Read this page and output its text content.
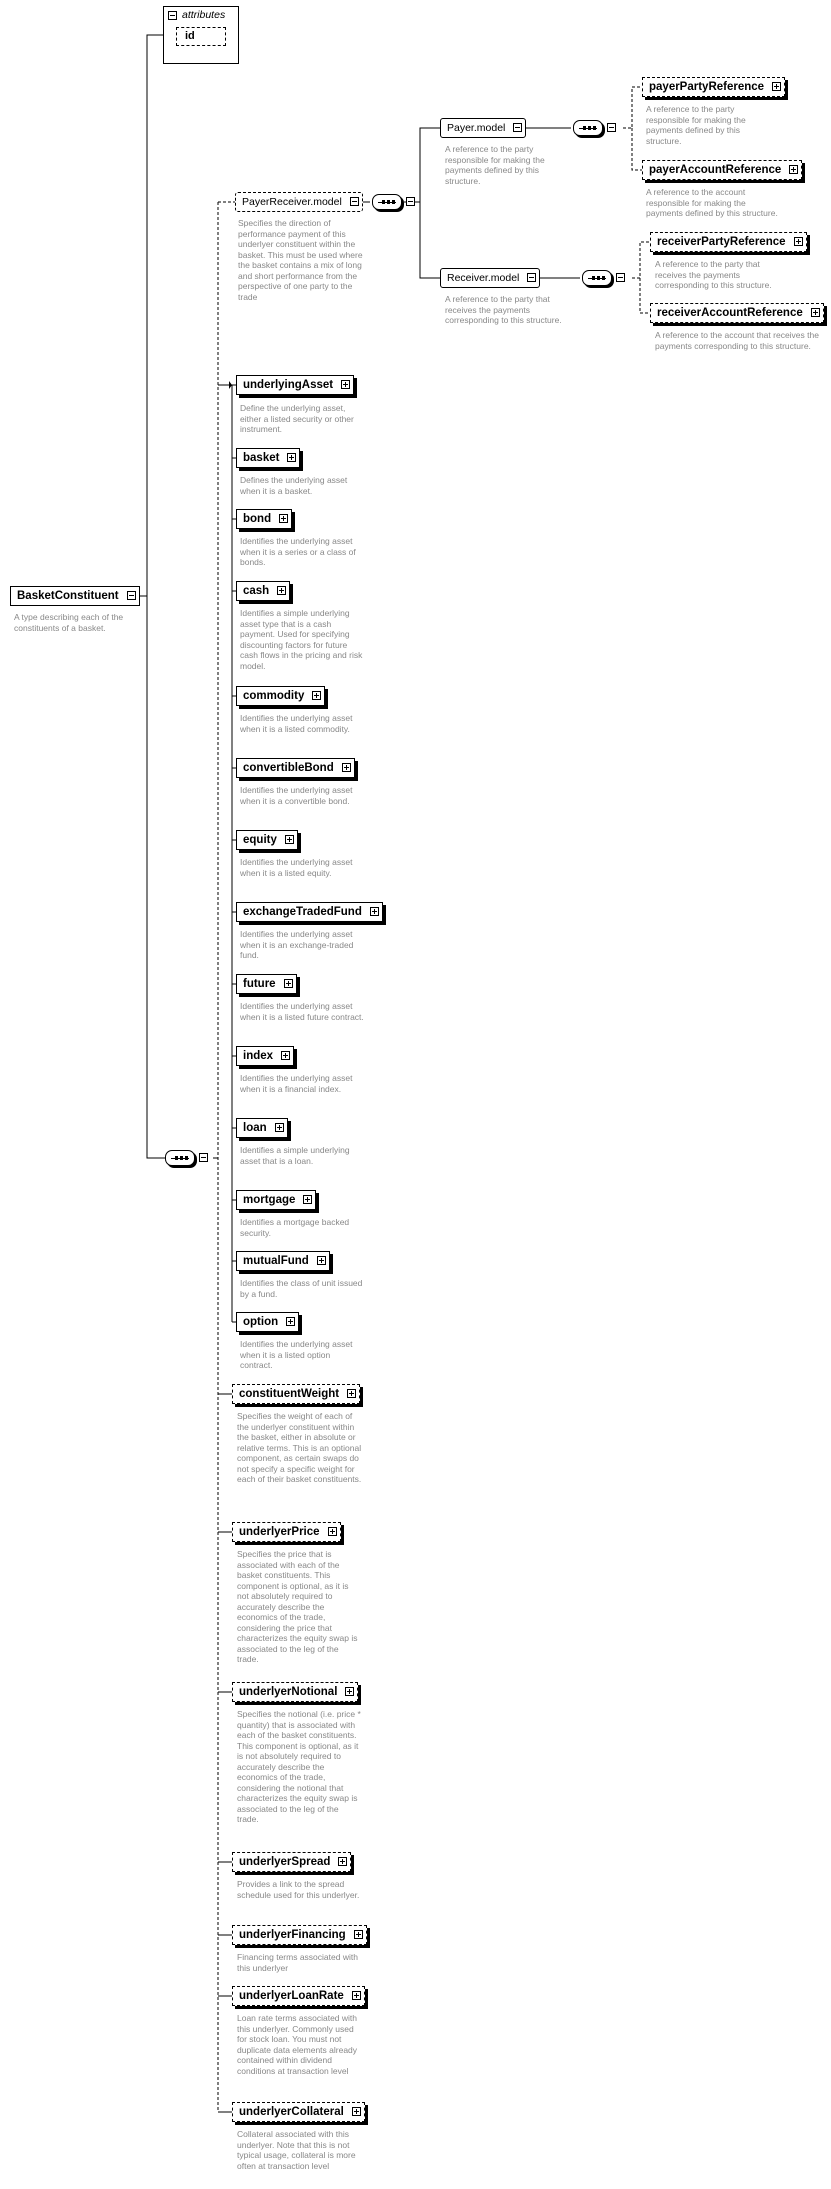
attributes
id
BasketConstituent
A type describing each of the constituents of a basket.
PayerReceiver.model
Specifies the direction of performance payment of this underlyer constituent within the basket. This must be used where the basket contains a mix of long and short performance from the perspective of one party to the trade
Payer.model
A reference to the party responsible for making the payments defined by this structure.
payerPartyReference
A reference to the party responsible for making the payments defined by this structure.
payerAccountReference
A reference to the account responsible for making the payments defined by this structure.
Receiver.model
A reference to the party that receives the payments corresponding to this structure.
receiverPartyReference
A reference to the party that receives the payments corresponding to this structure.
receiverAccountReference
A reference to the account that receives the payments corresponding to this structure.
underlyingAsset
Define the underlying asset, either a listed security or other instrument.
basket
Defines the underlying asset when it is a basket.
bond
Identifies the underlying asset when it is a series or a class of bonds.
cash
Identifies a simple underlying asset type that is a cash payment. Used for specifying discounting factors for future cash flows in the pricing and risk model.
commodity
Identifies the underlying asset when it is a listed commodity.
convertibleBond
Identifies the underlying asset when it is a convertible bond.
equity
Identifies the underlying asset when it is a listed equity.
exchangeTradedFund
Identifies the underlying asset when it is an exchange-traded fund.
future
Identifies the underlying asset when it is a listed future contract.
index
Identifies the underlying asset when it is a financial index.
loan
Identifies a simple underlying asset that is a loan.
mortgage
Identifies a mortgage backed security.
mutualFund
Identifies the class of unit issued by a fund.
option
Identifies the underlying asset when it is a listed option contract.
constituentWeight
Specifies the weight of each of the underlyer constituent within the basket, either in absolute or relative terms. This is an optional component, as certain swaps do not specify a specific weight for each of their basket constituents.
underlyerPrice
Specifies the price that is associated with each of the basket constituents. This component is optional, as it is not absolutely required to accurately describe the economics of the trade, considering the price that characterizes the equity swap is associated to the leg of the trade.
underlyerNotional
Specifies the notional (i.e. price * quantity) that is associated with each of the basket constituents. This component is optional, as it is not absolutely required to accurately describe the economics of the trade, considering the notional that characterizes the equity swap is associated to the leg of the trade.
underlyerSpread
Provides a link to the spread schedule used for this underlyer.
underlyerFinancing
Financing terms associated with this underlyer
underlyerLoanRate
Loan rate terms associated with this underlyer. Commonly used for stock loan. You must not duplicate data elements already contained within dividend conditions at transaction level
underlyerCollateral
Collateral associated with this underlyer. Note that this is not typical usage, collateral is more often at transaction level
